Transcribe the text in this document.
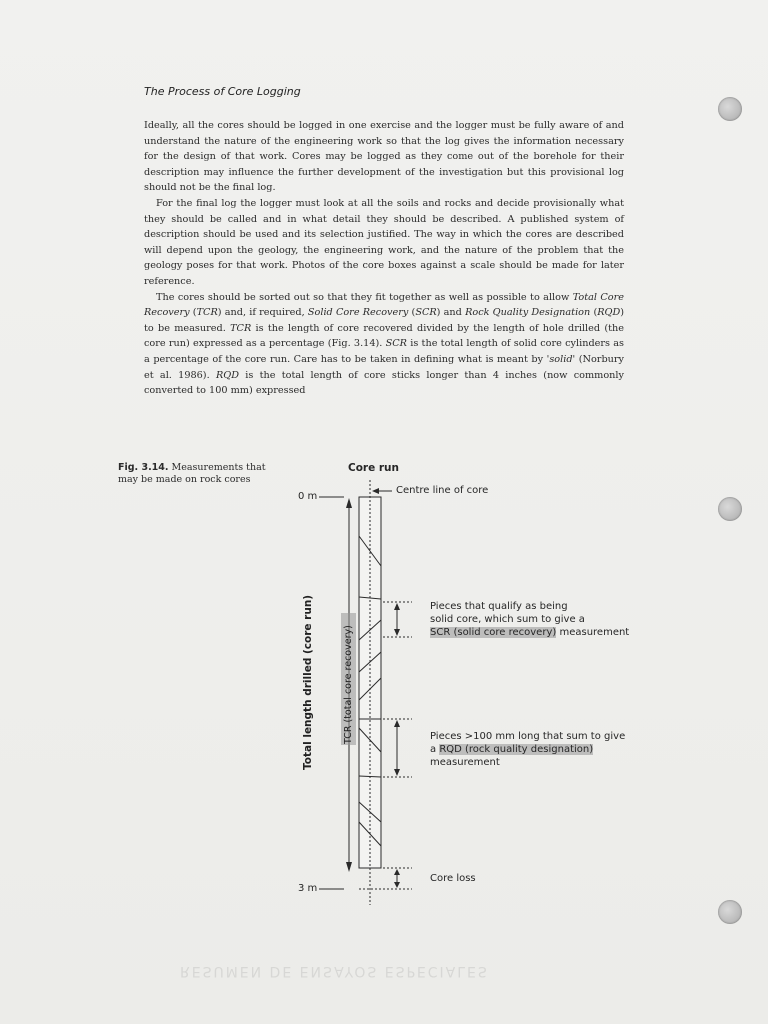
The Process of Core Logging

Ideally, all the cores should be logged in one exercise and the logger must be fully aware of and understand the nature of the engineering work so that the log gives the information necessary for the design of that work. Cores may be logged as they come out of the borehole for their description may influence the further development of the investigation but this provisional log should not be the final log.

For the final log the logger must look at all the soils and rocks and decide provisionally what they should be called and in what detail they should be described. A published system of description should be used and its selection justified. The way in which the cores are described will depend upon the geology, the engineering work, and the nature of the problem that the geology poses for that work. Photos of the core boxes against a scale should be made for later reference.

The cores should be sorted out so that they fit together as well as possible to allow Total Core Recovery (TCR) and, if required, Solid Core Recovery (SCR) and Rock Quality Designation (RQD) to be measured. TCR is the length of core recovered divided by the length of hole drilled (the core run) expressed as a percentage (Fig. 3.14). SCR is the total length of solid core cylinders as a percentage of the core run. Care has to be taken in defining what is meant by 'solid' (Norbury et al. 1986). RQD is the total length of core sticks longer than 4 inches (now commonly converted to 100 mm) expressed

Fig. 3.14. Measurements that may be made on rock cores
Core run
0 m
3 m
Centre line of core
Total length drilled (core run)	TCR (total core recovery)
Pieces that qualify as being
solid core, which sum to give a
SCR (solid core recovery) measurement
Pieces >100 mm long that sum to give
a RQD (rock quality designation)
measurement
Core loss
RESUMEN DE ENSAYOS ESPECIALES
